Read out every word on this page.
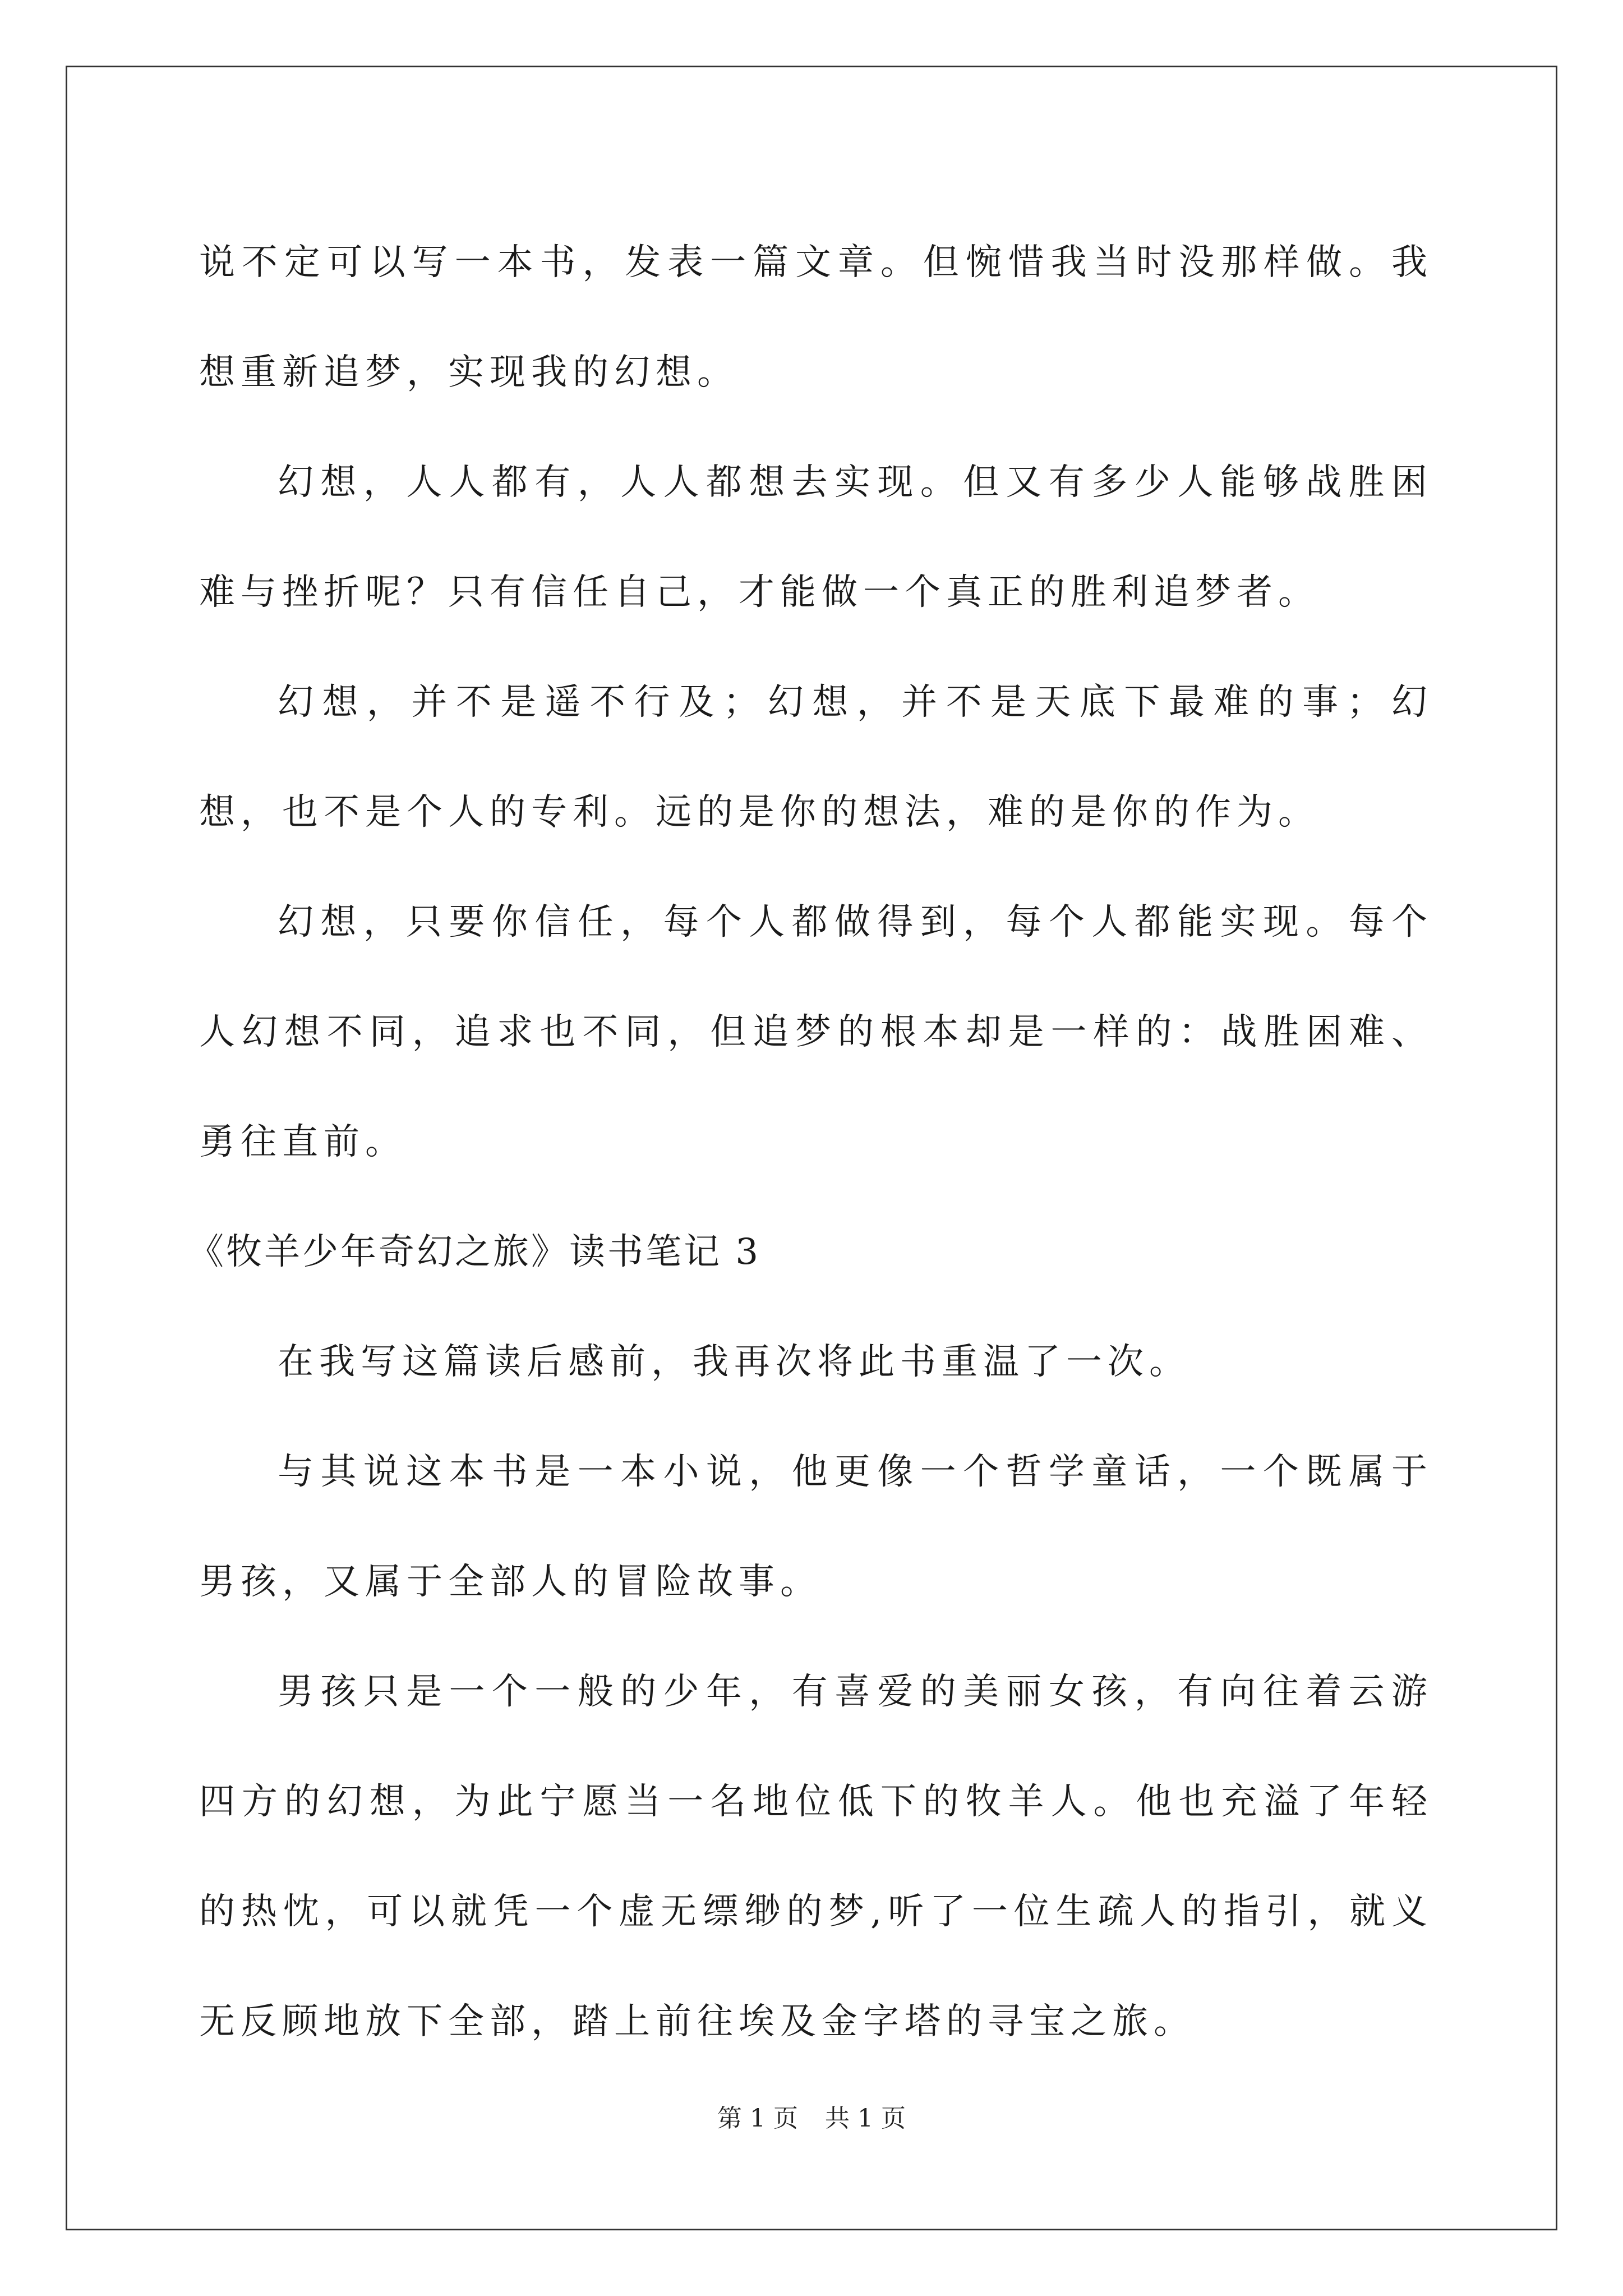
说不定可以写一本书，发表一篇文章。但惋惜我当时没那样做。我想重新追梦，实现我的幻想。

幻想，人人都有，人人都想去实现。但又有多少人能够战胜困难与挫折呢？只有信任自己，才能做一个真正的胜利追梦者。

幻想，并不是遥不行及；幻想，并不是天底下最难的事；幻想，也不是个人的专利。远的是你的想法，难的是你的作为。

幻想，只要你信任，每个人都做得到，每个人都能实现。每个人幻想不同，追求也不同，但追梦的根本却是一样的：战胜困难、勇往直前。

《牧羊少年奇幻之旅》读书笔记 3

在我写这篇读后感前，我再次将此书重温了一次。

与其说这本书是一本小说，他更像一个哲学童话，一个既属于男孩，又属于全部人的冒险故事。

男孩只是一个一般的少年，有喜爱的美丽女孩，有向往着云游四方的幻想，为此宁愿当一名地位低下的牧羊人。他也充溢了年轻的热忱，可以就凭一个虚无缥缈的梦,听了一位生疏人的指引，就义无反顾地放下全部，踏上前往埃及金字塔的寻宝之旅。

第 1 页 共 1 页
